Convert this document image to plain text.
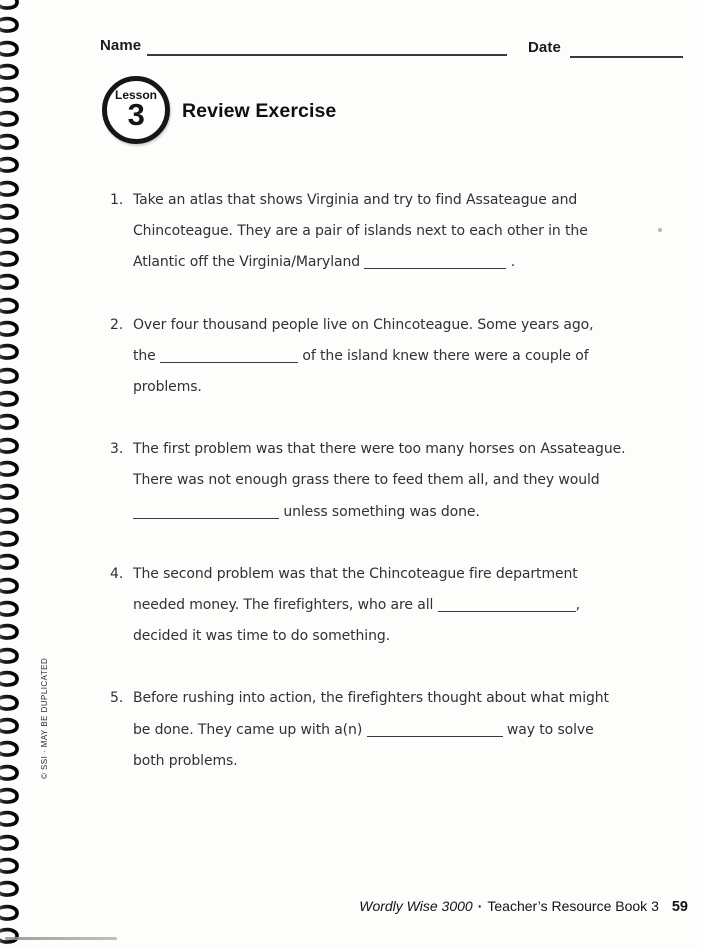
Name	Date
Lesson
3	Review Exercise
1. Take an atlas that shows Virginia and try to find Assateague and
Chincoteague. They are a pair of islands next to each other in the
Atlantic off the Virginia/Maryland	.
2. Over four thousand people live on Chincoteague. Some years ago,
the	of the island knew there were a couple of
problems.
3. The first problem was that there were too many horses on Assateague.
There was not enough grass there to feed them all, and they would
unless something was done.
4. The second problem was that the Chincoteague fire department
needed money. The firefighters, who are all	,
decided it was time to do something.
5. Before rushing into action, the firefighters thought about what might
be done. They came up with a(n)	way to solve
both problems.
© SSI · MAY BE DUPLICATED
Wordly Wise 3000 · Teacher’s Resource Book 3 59
